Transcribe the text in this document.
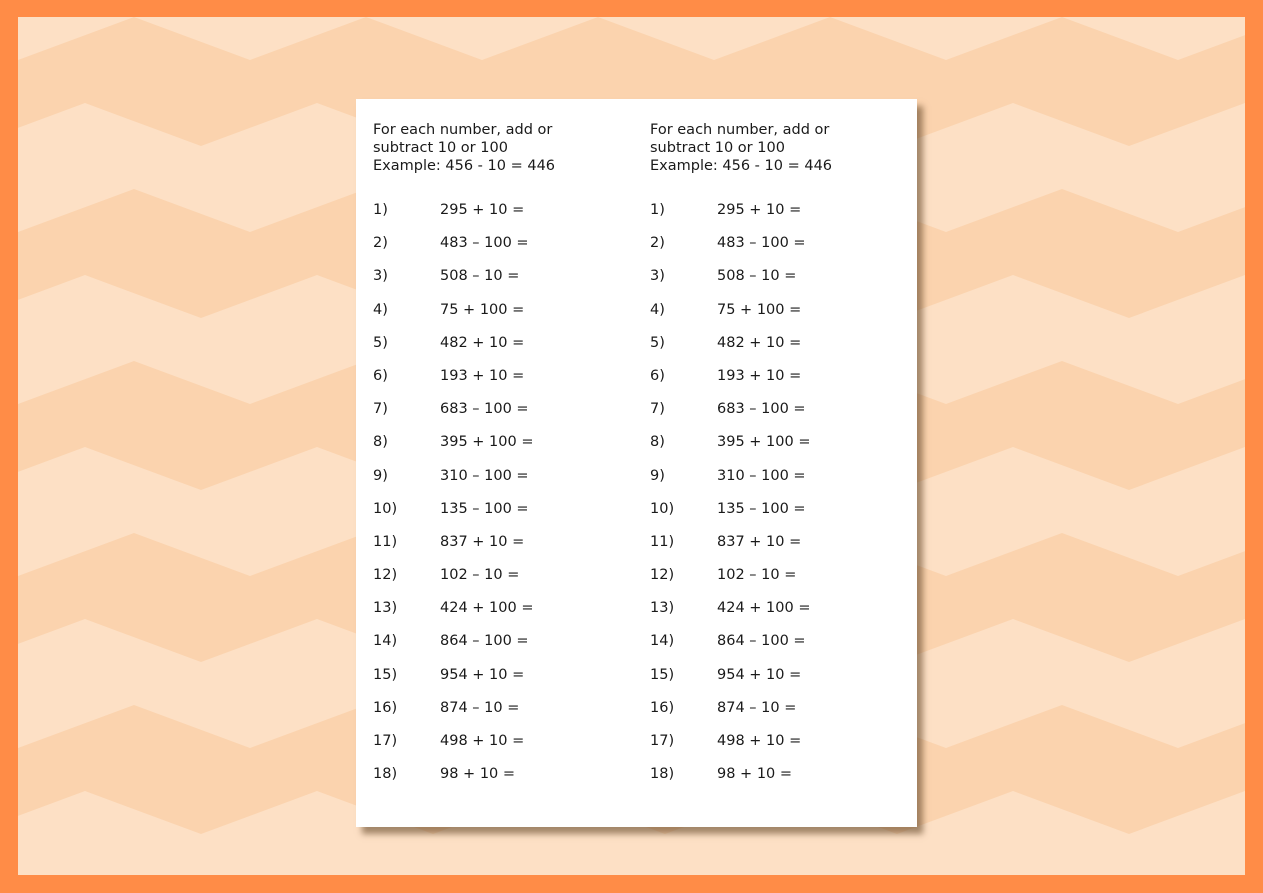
For each number, add or
subtract 10 or 100
Example: 456 - 10 = 446

1)	295 + 10 =
2)	483 – 100 =
3)	508 – 10 =
4)	75 + 100 =
5)	482 + 10 =
6)	193 + 10 =
7)	683 – 100 =
8)	395 + 100 =
9)	310 – 100 =
10)	135 – 100 =
11)	837 + 10 =
12)	102 – 10 =
13)	424 + 100 =
14)	864 – 100 =
15)	954 + 10 =
16)	874 – 10 =
17)	498 + 10 =
18)	98 + 10 =

For each number, add or
subtract 10 or 100
Example: 456 - 10 = 446

1)	295 + 10 =
2)	483 – 100 =
3)	508 – 10 =
4)	75 + 100 =
5)	482 + 10 =
6)	193 + 10 =
7)	683 – 100 =
8)	395 + 100 =
9)	310 – 100 =
10)	135 – 100 =
11)	837 + 10 =
12)	102 – 10 =
13)	424 + 100 =
14)	864 – 100 =
15)	954 + 10 =
16)	874 – 10 =
17)	498 + 10 =
18)	98 + 10 =
